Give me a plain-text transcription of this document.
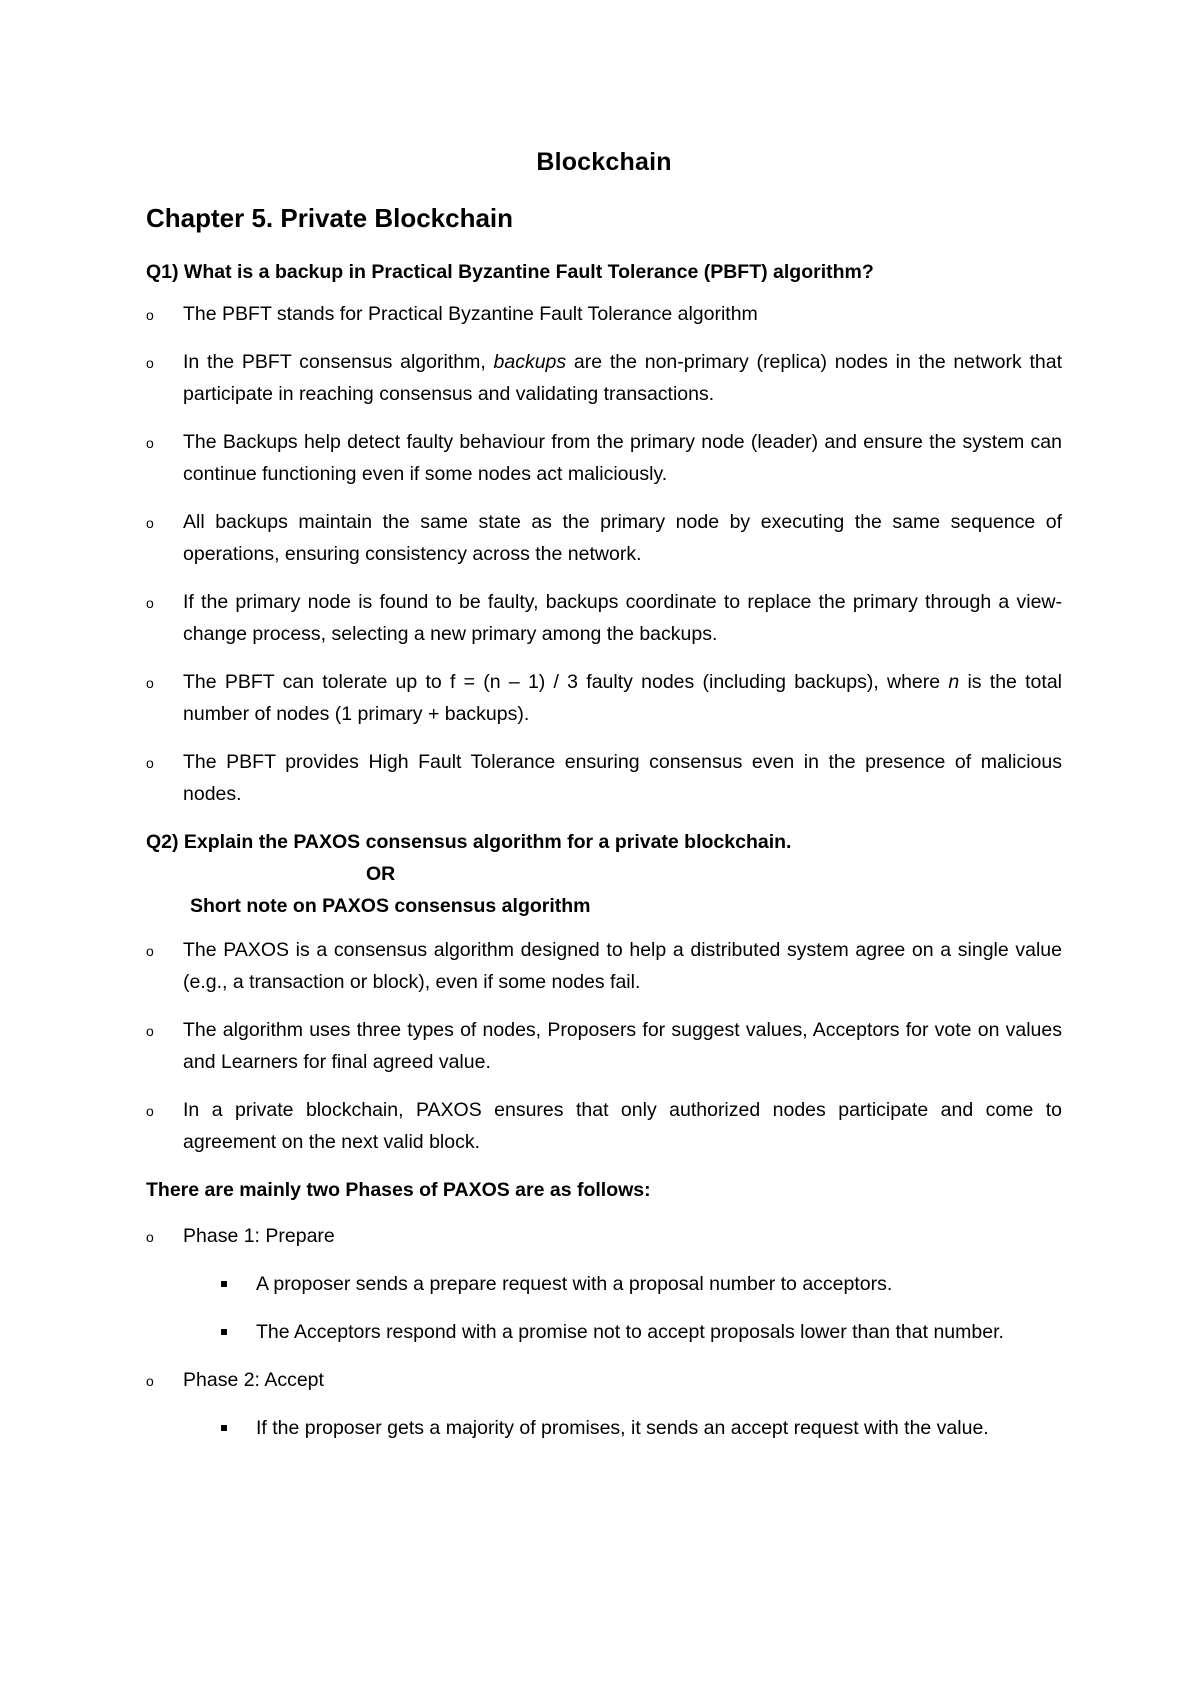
Blockchain
Chapter 5. Private Blockchain
Q1) What is a backup in Practical Byzantine Fault Tolerance (PBFT) algorithm?
o The PBFT stands for Practical Byzantine Fault Tolerance algorithm
o In the PBFT consensus algorithm, backups are the non-primary (replica) nodes in the network that participate in reaching consensus and validating transactions.
o The Backups help detect faulty behaviour from the primary node (leader) and ensure the system can continue functioning even if some nodes act maliciously.
o All backups maintain the same state as the primary node by executing the same sequence of operations, ensuring consistency across the network.
o If the primary node is found to be faulty, backups coordinate to replace the primary through a view-change process, selecting a new primary among the backups.
o The PBFT can tolerate up to f = (n – 1) / 3 faulty nodes (including backups), where n is the total number of nodes (1 primary + backups).
o The PBFT provides High Fault Tolerance ensuring consensus even in the presence of malicious nodes.
Q2) Explain the PAXOS consensus algorithm for a private blockchain.
OR
Short note on PAXOS consensus algorithm
o The PAXOS is a consensus algorithm designed to help a distributed system agree on a single value (e.g., a transaction or block), even if some nodes fail.
o The algorithm uses three types of nodes, Proposers for suggest values, Acceptors for vote on values and Learners for final agreed value.
o In a private blockchain, PAXOS ensures that only authorized nodes participate and come to agreement on the next valid block.
There are mainly two Phases of PAXOS are as follows:
o Phase 1: Prepare
A proposer sends a prepare request with a proposal number to acceptors.
The Acceptors respond with a promise not to accept proposals lower than that number.
o Phase 2: Accept
If the proposer gets a majority of promises, it sends an accept request with the value.
